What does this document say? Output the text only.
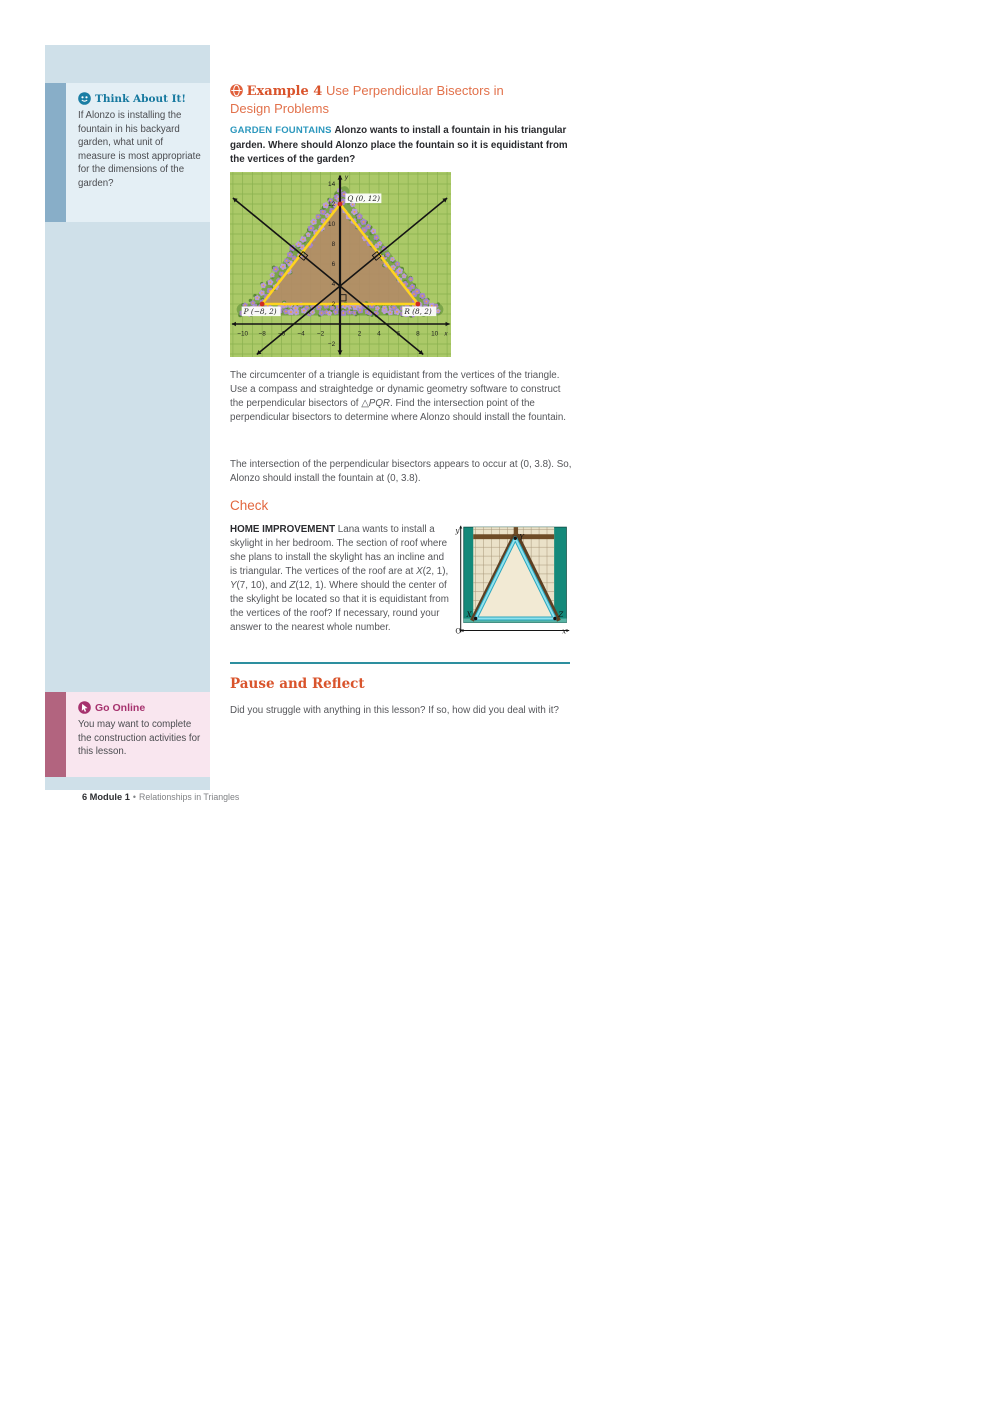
Think About It!

If Alonzo is installing the fountain in his backyard garden, what unit of measure is most appropriate for the dimensions of the garden?

Go Online

You may want to complete the construction activities for this lesson.

Example 4 Use Perpendicular Bisectors in Design Problems

GARDEN FOUNTAINS Alonzo wants to install a fountain in his triangular garden. Where should Alonzo place the fountain so it is equidistant from the vertices of the garden?

−10 −8 −6 −4 −2	2 4 6 8 10
14
12
10
8
6
4
2
−2
x
y
Q (0, 12)
P (−8, 2)	R (8, 2)

The circumcenter of a triangle is equidistant from the vertices of the triangle. Use a compass and straightedge or dynamic geometry software to construct the perpendicular bisectors of △PQR. Find the intersection point of the perpendicular bisectors to determine where Alonzo should install the fountain.

The intersection of the perpendicular bisectors appears to occur at (0, 3.8). So, Alonzo should install the fountain at (0, 3.8).

Check

HOME IMPROVEMENT Lana wants to install a skylight in her bedroom. The section of roof where she plans to install the skylight has an incline and is triangular. The vertices of the roof are at X(2, 1), Y(7, 10), and Z(12, 1). Where should the center of the skylight be located so that it is equidistant from the vertices of the roof? If necessary, round your answer to the nearest whole number.

X
Y
Z
y
x
O
Pause and Reflect

Did you struggle with anything in this lesson? If so, how did you deal with it?

6 Module 1 • Relationships in Triangles
